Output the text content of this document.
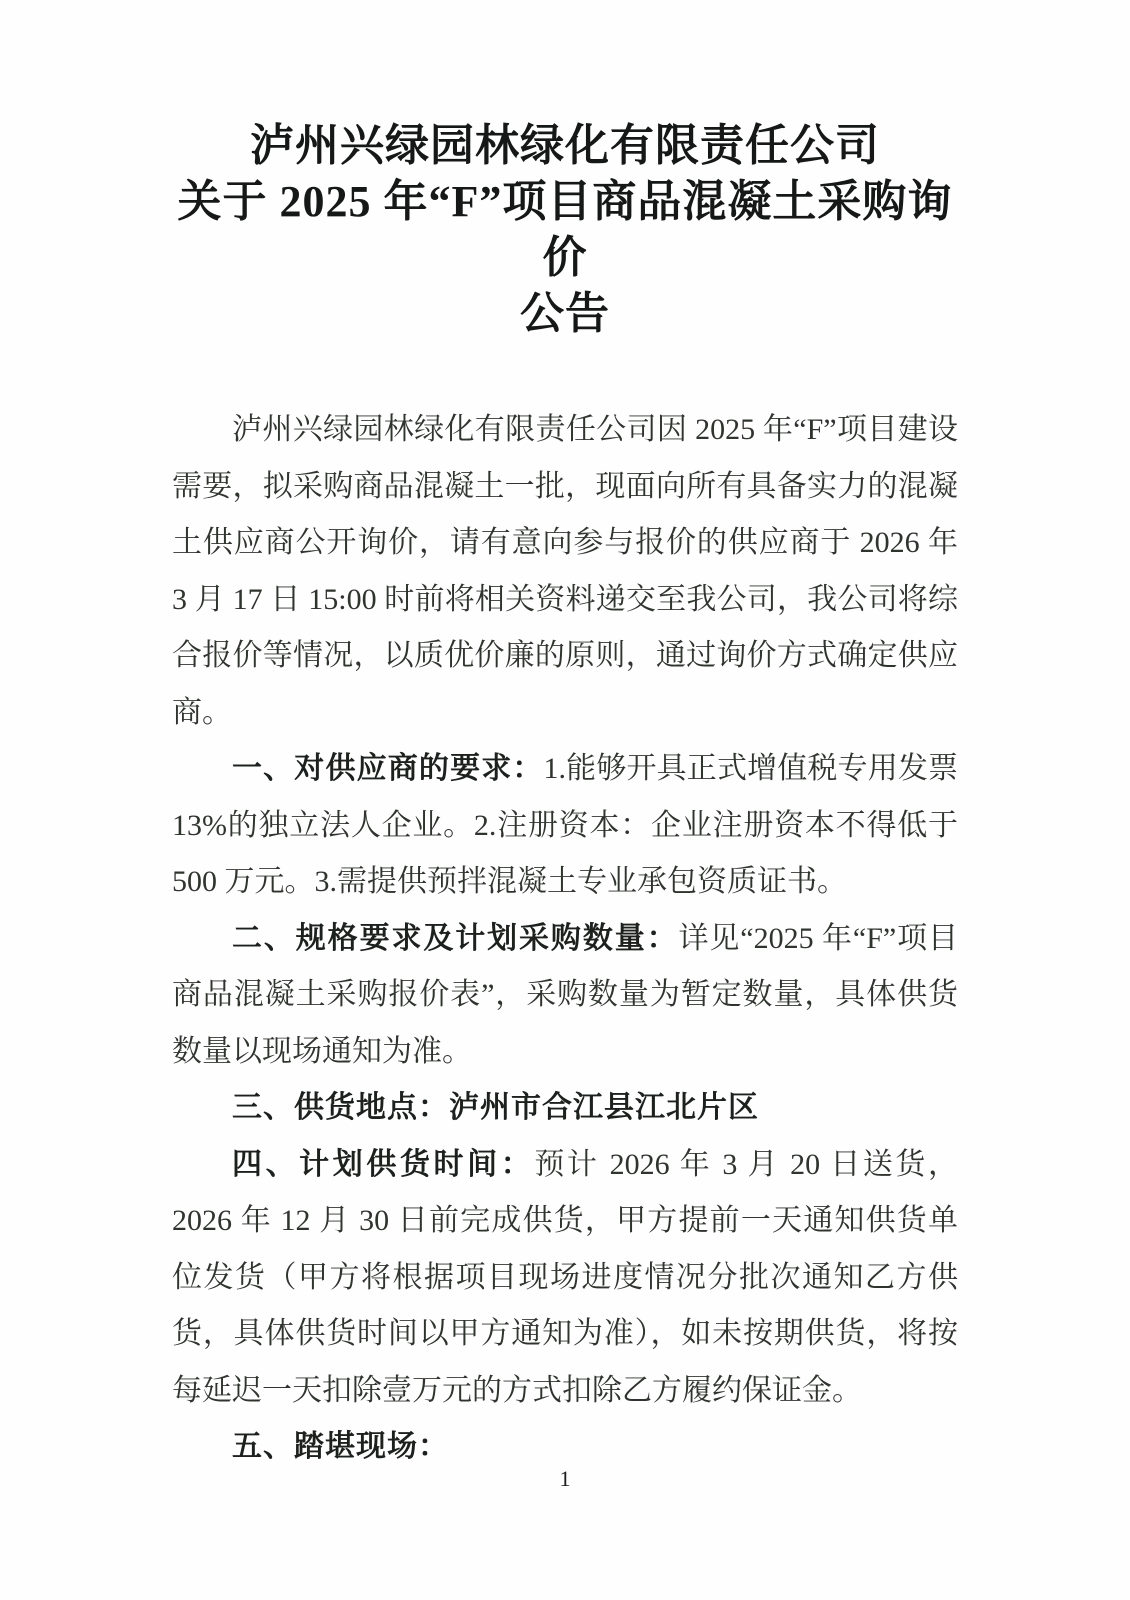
泸州兴绿园林绿化有限责任公司
关于 2025 年“F”项目商品混凝土采购询价
公告

泸州兴绿园林绿化有限责任公司因 2025 年“F”项目建设需要，拟采购商品混凝土一批，现面向所有具备实力的混凝土供应商公开询价，请有意向参与报价的供应商于 2026 年 3 月 17 日 15:00 时前将相关资料递交至我公司，我公司将综合报价等情况，以质优价廉的原则，通过询价方式确定供应商。

一、对供应商的要求：1.能够开具正式增值税专用发票 13%的独立法人企业。2.注册资本：企业注册资本不得低于 500 万元。3.需提供预拌混凝土专业承包资质证书。

二、规格要求及计划采购数量：详见“2025 年“F”项目商品混凝土采购报价表”，采购数量为暂定数量，具体供货数量以现场通知为准。

三、供货地点：泸州市合江县江北片区

四、计划供货时间：预计 2026 年 3 月 20 日送货，2026 年 12 月 30 日前完成供货，甲方提前一天通知供货单位发货（甲方将根据项目现场进度情况分批次通知乙方供货，具体供货时间以甲方通知为准），如未按期供货，将按每延迟一天扣除壹万元的方式扣除乙方履约保证金。

五、踏堪现场：

1
